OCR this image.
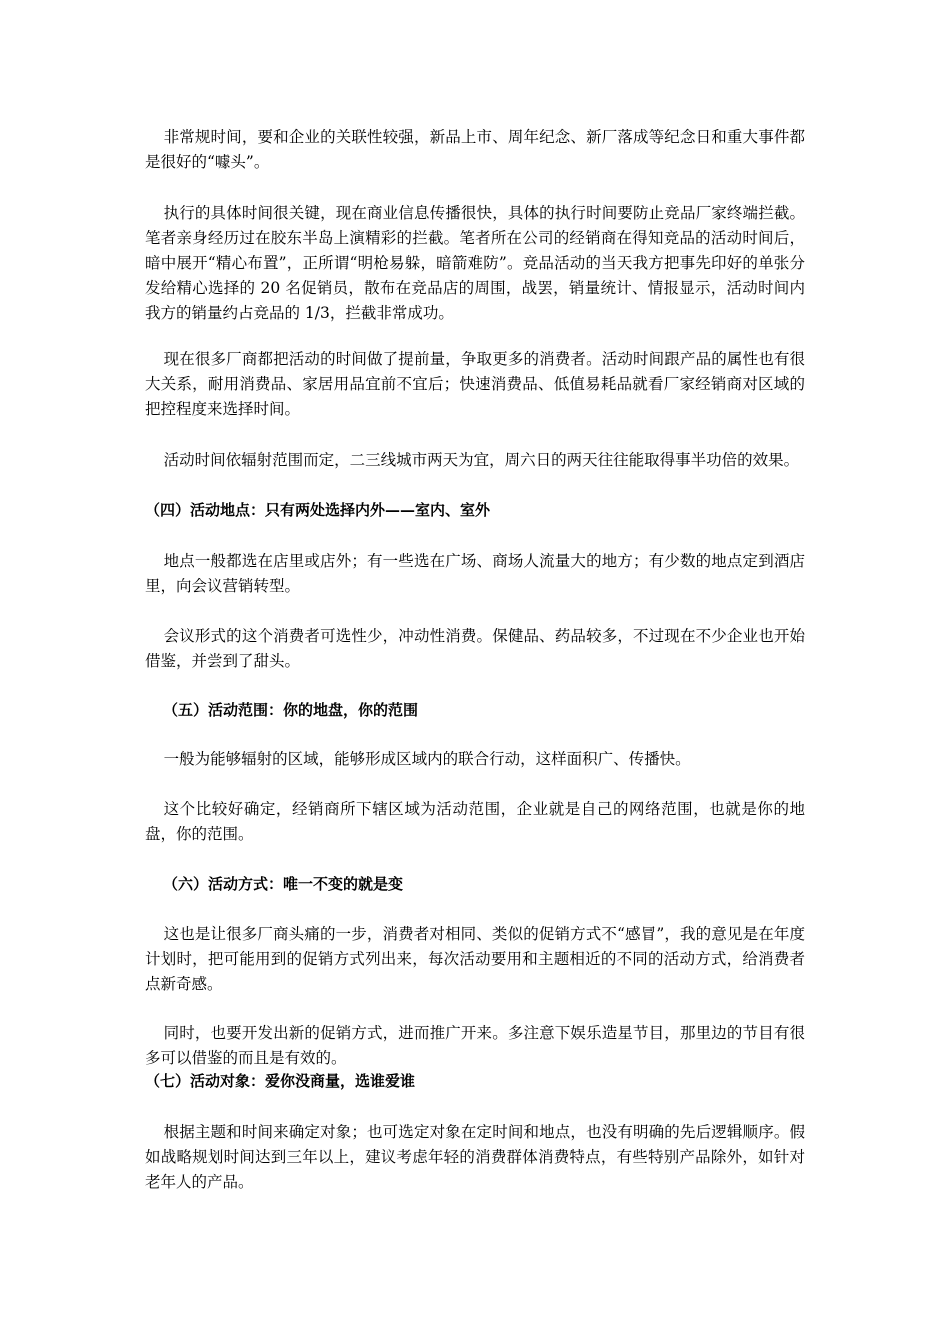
非常规时间，要和企业的关联性较强，新品上市、周年纪念、新厂落成等纪念日和重大事件都是很好的“噱头”。

执行的具体时间很关键，现在商业信息传播很快，具体的执行时间要防止竞品厂家终端拦截。笔者亲身经历过在胶东半岛上演精彩的拦截。笔者所在公司的经销商在得知竞品的活动时间后，暗中展开“精心布置”，正所谓“明枪易躲，暗箭难防”。竞品活动的当天我方把事先印好的单张分发给精心选择的 20 名促销员，散布在竞品店的周围，战罢，销量统计、情报显示，活动时间内我方的销量约占竞品的 1/3，拦截非常成功。

现在很多厂商都把活动的时间做了提前量，争取更多的消费者。活动时间跟产品的属性也有很大关系，耐用消费品、家居用品宜前不宜后；快速消费品、低值易耗品就看厂家经销商对区域的把控程度来选择时间。

活动时间依辐射范围而定，二三线城市两天为宜，周六日的两天往往能取得事半功倍的效果。

（四）活动地点：只有两处选择内外——室内、室外

地点一般都选在店里或店外；有一些选在广场、商场人流量大的地方；有少数的地点定到酒店里，向会议营销转型。

会议形式的这个消费者可选性少，冲动性消费。保健品、药品较多，不过现在不少企业也开始借鉴，并尝到了甜头。

（五）活动范围：你的地盘，你的范围

一般为能够辐射的区域，能够形成区域内的联合行动，这样面积广、传播快。

这个比较好确定，经销商所下辖区域为活动范围，企业就是自己的网络范围，也就是你的地盘，你的范围。

（六）活动方式：唯一不变的就是变

这也是让很多厂商头痛的一步，消费者对相同、类似的促销方式不“感冒”，我的意见是在年度计划时，把可能用到的促销方式列出来，每次活动要用和主题相近的不同的活动方式，给消费者点新奇感。

同时，也要开发出新的促销方式，进而推广开来。多注意下娱乐造星节目，那里边的节目有很多可以借鉴的而且是有效的。

（七）活动对象：爱你没商量，选谁爱谁

根据主题和时间来确定对象；也可选定对象在定时间和地点，也没有明确的先后逻辑顺序。假如战略规划时间达到三年以上，建议考虑年轻的消费群体消费特点，有些特别产品除外，如针对老年人的产品。
